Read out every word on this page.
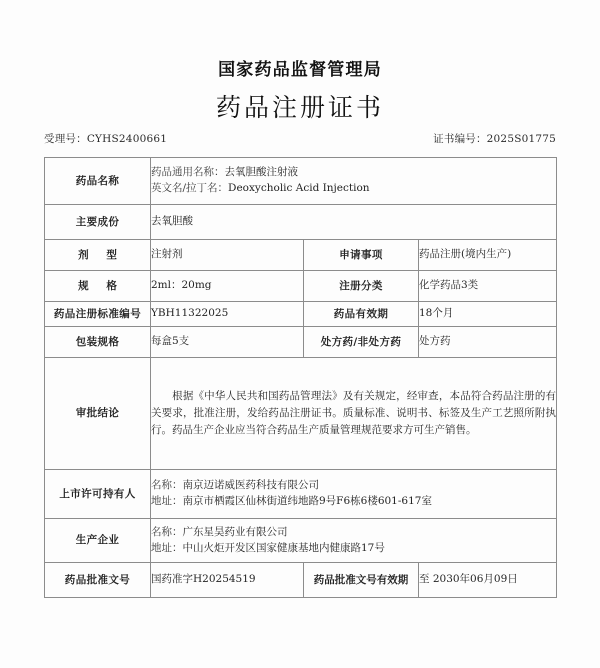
国家药品监督管理局
药品注册证书
受理号：CYHS2400661	证书编号：2025S01775
药品名称	药品通用名称：去氧胆酸注射液
英文名/拉丁名：Deoxycholic Acid Injection		

主要成份	去氧胆酸		
剂 型	注射剂	申请事项	药品注册(境内生产)
规 格	2ml：20mg	注册分类	化学药品3类
药品注册标准编号	YBH11322025	药品有效期	18个月
包装规格	每盒5支	处方药/非处方药	处方药
审批结论	根据《中华人民共和国药品管理法》及有关规定，经审查，本品符合药品注册的有关要求，批准注册，发给药品注册证书。质量标准、说明书、标签及生产工艺照所附执行。药品生产企业应当符合药品生产质量管理规范要求方可生产销售。		
上市许可持有人	名称：南京迈诺威医药科技有限公司
地址：南京市栖霞区仙林街道纬地路9号F6栋6楼601-617室		

生产企业	名称：广东星昊药业有限公司
地址：中山火炬开发区国家健康基地内健康路17号		

药品批准文号	国药准字H20254519	药品批准文号有效期	至 2030年06月09日
